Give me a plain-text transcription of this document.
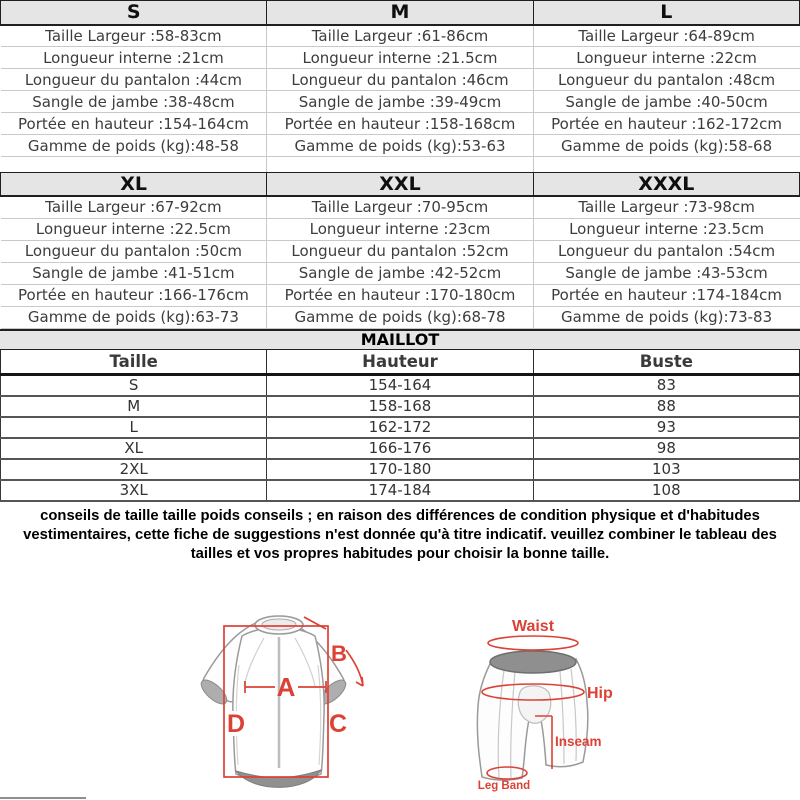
S	M	L
Taille Largeur :58-83cm	Taille Largeur :61-86cm	Taille Largeur :64-89cm
Longueur interne :21cm	Longueur interne :21.5cm	Longueur interne :22cm
Longueur du pantalon :44cm	Longueur du pantalon :46cm	Longueur du pantalon :48cm
Sangle de jambe :38-48cm	Sangle de jambe :39-49cm	Sangle de jambe :40-50cm
Portée en hauteur :154-164cm	Portée en hauteur :158-168cm	Portée en hauteur :162-172cm
Gamme de poids (kg):48-58	Gamme de poids (kg):53-63	Gamme de poids (kg):58-68

XL	XXL	XXXL
Taille Largeur :67-92cm	Taille Largeur :70-95cm	Taille Largeur :73-98cm
Longueur interne :22.5cm	Longueur interne :23cm	Longueur interne :23.5cm
Longueur du pantalon :50cm	Longueur du pantalon :52cm	Longueur du pantalon :54cm
Sangle de jambe :41-51cm	Sangle de jambe :42-52cm	Sangle de jambe :43-53cm
Portée en hauteur :166-176cm	Portée en hauteur :170-180cm	Portée en hauteur :174-184cm
Gamme de poids (kg):63-73	Gamme de poids (kg):68-78	Gamme de poids (kg):73-83
MAILLOT
Taille	Hauteur	Buste
S	154-164	83
M	158-168	88
L	162-172	93
XL	166-176	98
2XL	170-180	103
3XL	174-184	108
conseils de taille taille poids conseils ; en raison des différences de condition physique et d'habitudes
vestimentaires, cette fiche de suggestions n'est donnée qu'à titre indicatif. veuillez combiner le tableau des
tailles et vos propres habitudes pour choisir la bonne taille.
A
B
C
D
Waist
Hip
Inseam
Leg Band
